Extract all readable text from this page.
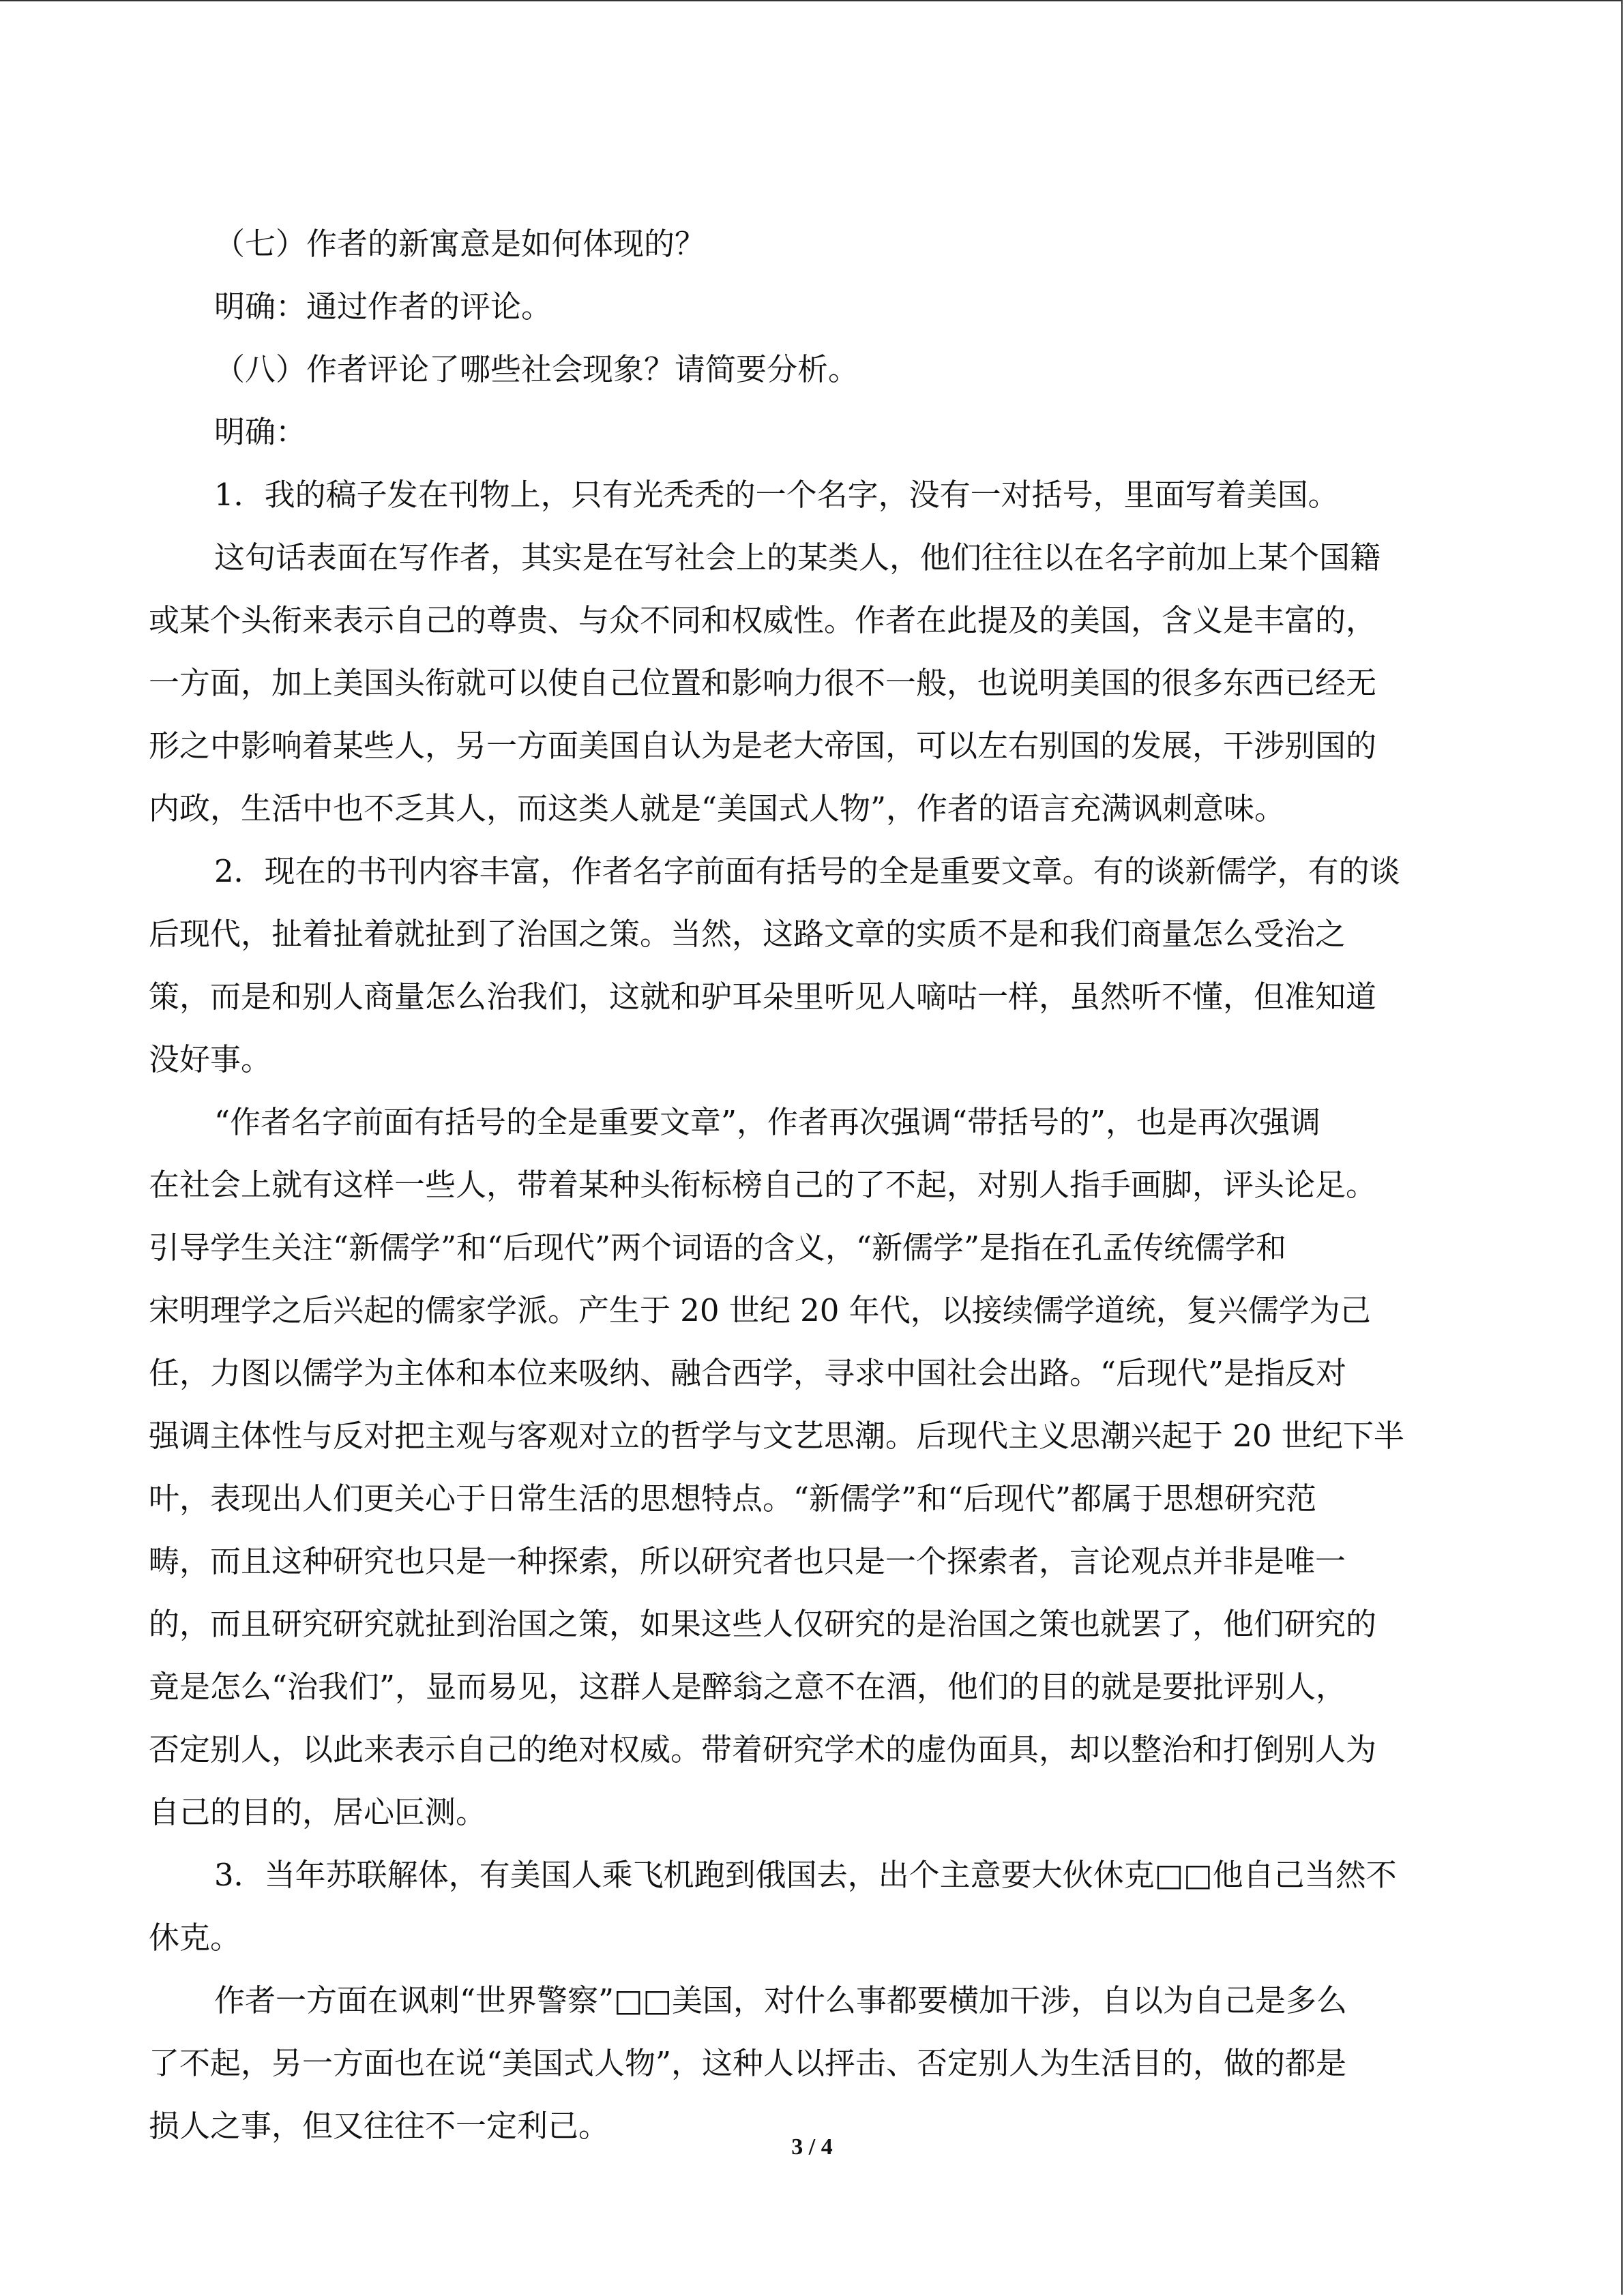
（七）作者的新寓意是如何体现的？
明确：通过作者的评论。
（八）作者评论了哪些社会现象？请简要分析。
明确：
1．我的稿子发在刊物上，只有光秃秃的一个名字，没有一对括号，里面写着美国。
这句话表面在写作者，其实是在写社会上的某类人，他们往往以在名字前加上某个国籍
或某个头衔来表示自己的尊贵、与众不同和权威性。作者在此提及的美国，含义是丰富的，
一方面，加上美国头衔就可以使自己位置和影响力很不一般，也说明美国的很多东西已经无
形之中影响着某些人，另一方面美国自认为是老大帝国，可以左右别国的发展，干涉别国的
内政，生活中也不乏其人，而这类人就是“美国式人物”，作者的语言充满讽刺意味。
2．现在的书刊内容丰富，作者名字前面有括号的全是重要文章。有的谈新儒学，有的谈
后现代，扯着扯着就扯到了治国之策。当然，这路文章的实质不是和我们商量怎么受治之
策，而是和别人商量怎么治我们，这就和驴耳朵里听见人嘀咕一样，虽然听不懂，但准知道
没好事。
“作者名字前面有括号的全是重要文章”，作者再次强调“带括号的”，也是再次强调
在社会上就有这样一些人，带着某种头衔标榜自己的了不起，对别人指手画脚，评头论足。
引导学生关注“新儒学”和“后现代”两个词语的含义，“新儒学”是指在孔孟传统儒学和
宋明理学之后兴起的儒家学派。产生于 20 世纪 20 年代，以接续儒学道统，复兴儒学为己
任，力图以儒学为主体和本位来吸纳、融合西学，寻求中国社会出路。“后现代”是指反对
强调主体性与反对把主观与客观对立的哲学与文艺思潮。后现代主义思潮兴起于 20 世纪下半
叶，表现出人们更关心于日常生活的思想特点。“新儒学”和“后现代”都属于思想研究范
畴，而且这种研究也只是一种探索，所以研究者也只是一个探索者，言论观点并非是唯一
的，而且研究研究就扯到治国之策，如果这些人仅研究的是治国之策也就罢了，他们研究的
竟是怎么“治我们”，显而易见，这群人是醉翁之意不在酒，他们的目的就是要批评别人，
否定别人，以此来表示自己的绝对权威。带着研究学术的虚伪面具，却以整治和打倒别人为
自己的目的，居心叵测。
3．当年苏联解体，有美国人乘飞机跑到俄国去，出个主意要大伙休克□□他自己当然不
休克。
作者一方面在讽刺“世界警察”□□美国，对什么事都要横加干涉，自以为自己是多么
了不起，另一方面也在说“美国式人物”，这种人以抨击、否定别人为生活目的，做的都是
损人之事，但又往往不一定利己。
3 / 4
